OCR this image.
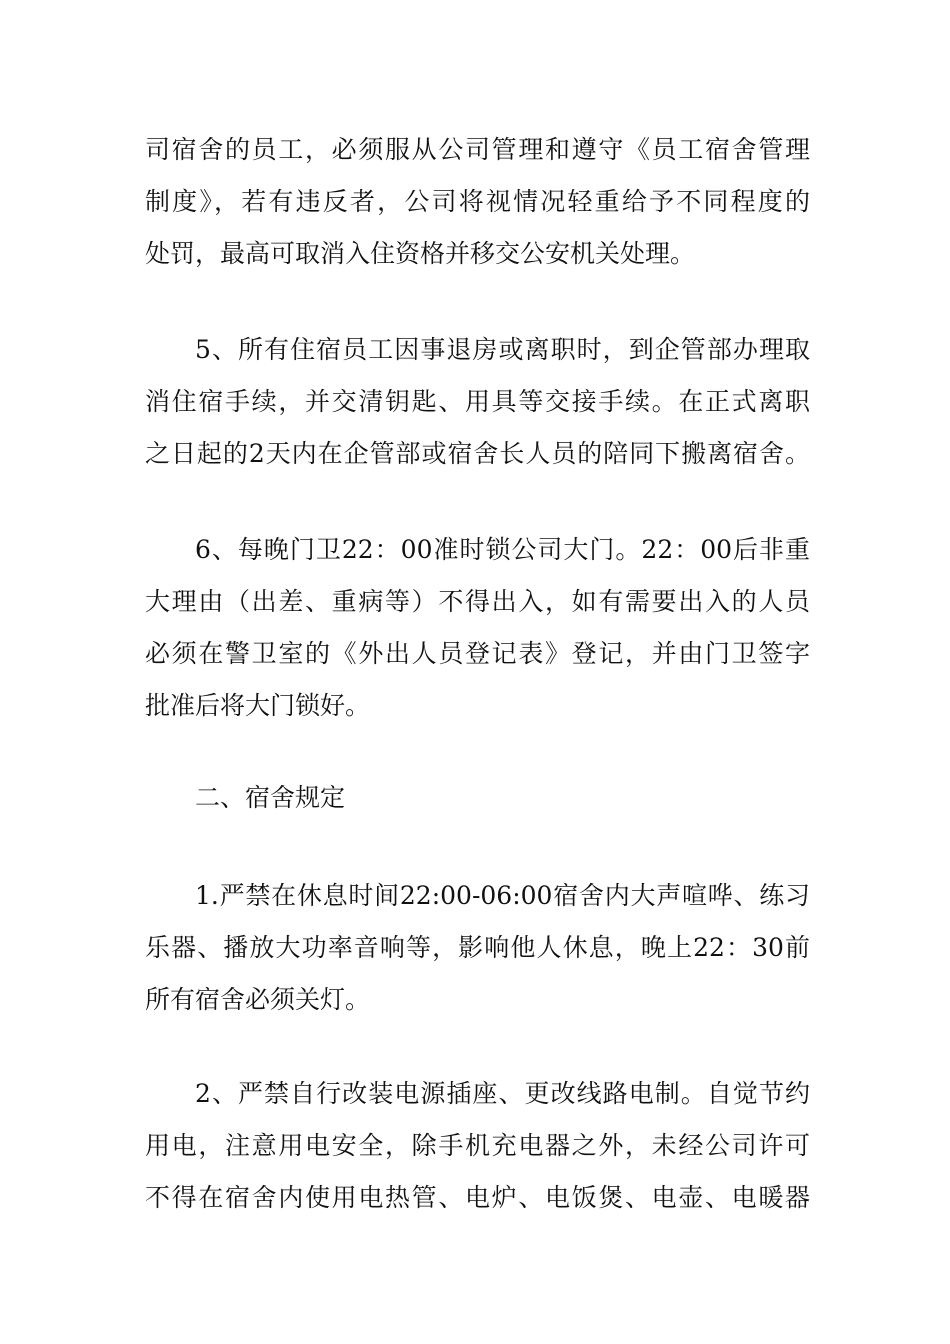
司宿舍的员工，必须服从公司管理和遵守《员工宿舍管理
制度》，若有违反者，公司将视情况轻重给予不同程度的
处罚，最高可取消入住资格并移交公安机关处理。
5、所有住宿员工因事退房或离职时，到企管部办理取
消住宿手续，并交清钥匙、用具等交接手续。在正式离职
之日起的2天内在企管部或宿舍长人员的陪同下搬离宿舍。
6、每晚门卫22：00准时锁公司大门。22：00后非重
大理由（出差、重病等）不得出入，如有需要出入的人员
必须在警卫室的《外出人员登记表》登记，并由门卫签字
批准后将大门锁好。
二、宿舍规定
1.严禁在休息时间22:00-06:00宿舍内大声喧哗、练习
乐器、播放大功率音响等，影响他人休息，晚上22：30前
所有宿舍必须关灯。
2、严禁自行改装电源插座、更改线路电制。自觉节约
用电，注意用电安全，除手机充电器之外，未经公司许可
不得在宿舍内使用电热管、电炉、电饭煲、电壶、电暖器
